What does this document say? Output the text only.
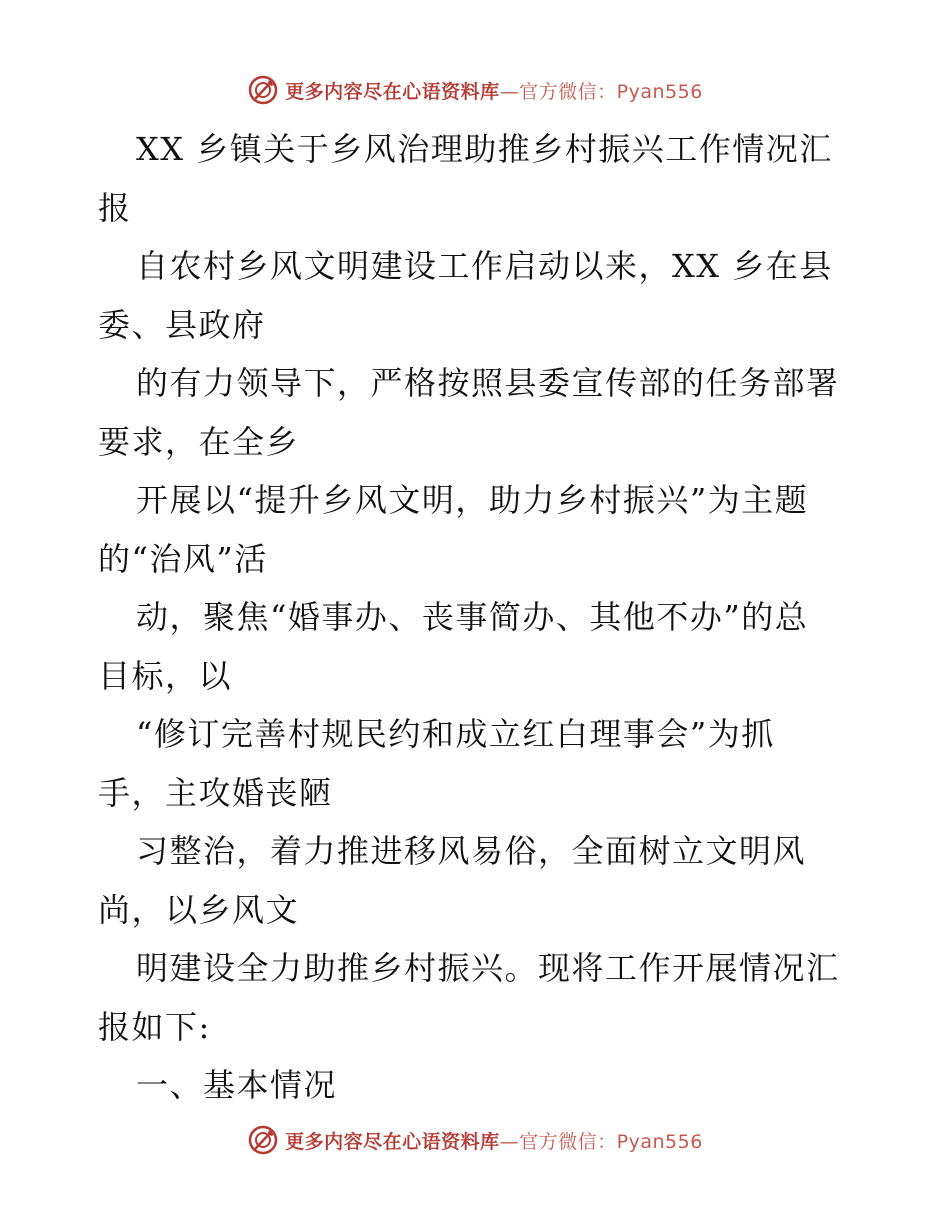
更多内容尽在心语资料库 —官方微信：Pyan556
XX 乡镇关于乡风治理助推乡村振兴工作情况汇
报
自农村乡风文明建设工作启动以来，XX 乡在县
委、县政府
的有力领导下，严格按照县委宣传部的任务部署
要求，在全乡
开展以“提升乡风文明，助力乡村振兴”为主题
的“治风”活
动，聚焦“婚事办、丧事简办、其他不办”的总
目标，以
“修订完善村规民约和成立红白理事会”为抓
手，主攻婚丧陋
习整治，着力推进移风易俗，全面树立文明风
尚，以乡风文
明建设全力助推乡村振兴。现将工作开展情况汇
报如下:
一、基本情况
更多内容尽在心语资料库 —官方微信：Pyan556
